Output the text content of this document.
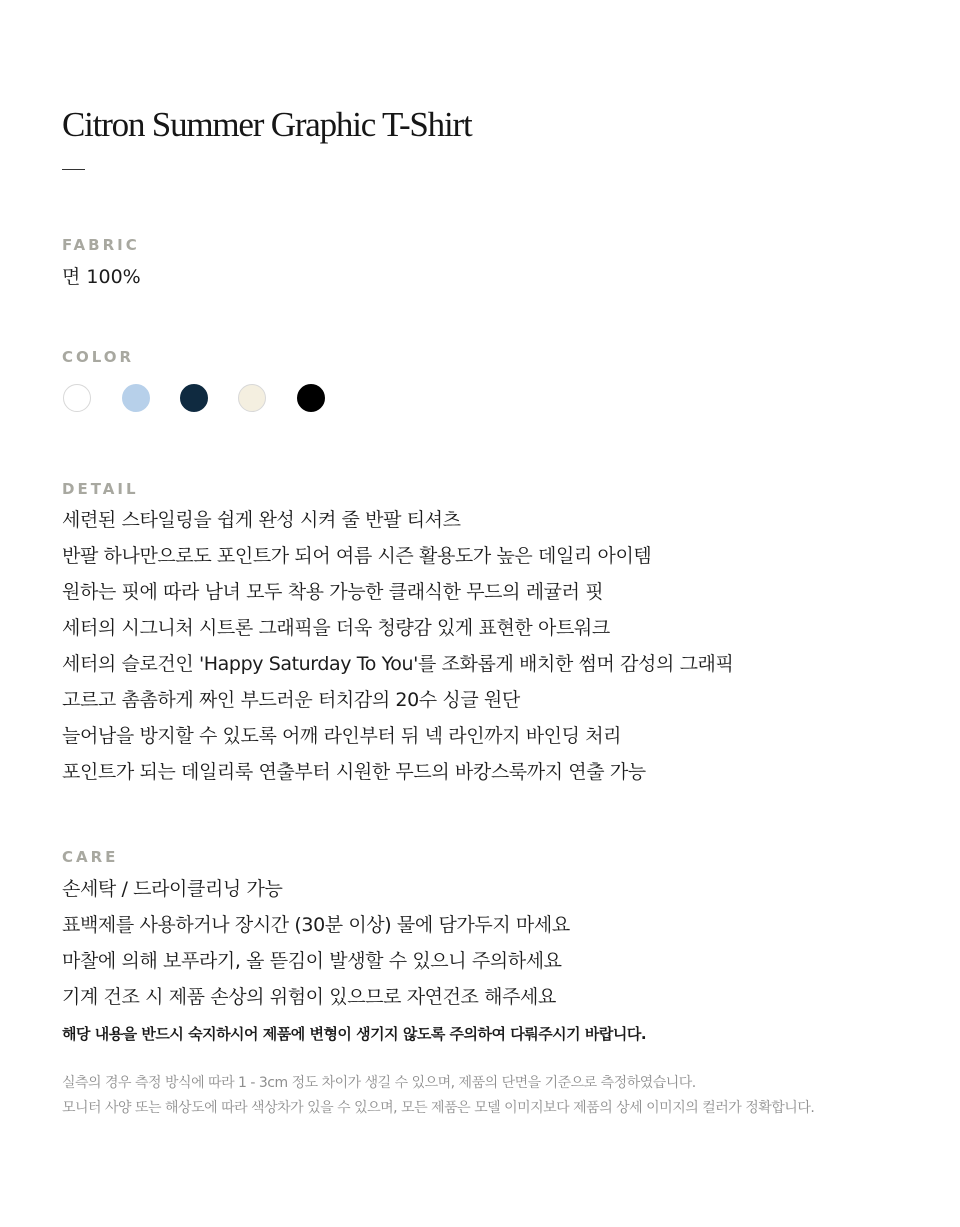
Citron Summer Graphic T-Shirt
FABRIC
면 100%
COLOR
DETAIL
세련된 스타일링을 쉽게 완성 시켜 줄 반팔 티셔츠
반팔 하나만으로도 포인트가 되어 여름 시즌 활용도가 높은 데일리 아이템
원하는 핏에 따라 남녀 모두 착용 가능한 클래식한 무드의 레귤러 핏
세터의 시그니처 시트론 그래픽을 더욱 청량감 있게 표현한 아트워크
세터의 슬로건인 'Happy Saturday To You'를 조화롭게 배치한 썸머 감성의 그래픽
고르고 촘촘하게 짜인 부드러운 터치감의 20수 싱글 원단
늘어남을 방지할 수 있도록 어깨 라인부터 뒤 넥 라인까지 바인딩 처리
포인트가 되는 데일리룩 연출부터 시원한 무드의 바캉스룩까지 연출 가능
CARE
손세탁 / 드라이클리닝 가능
표백제를 사용하거나 장시간 (30분 이상) 물에 담가두지 마세요
마찰에 의해 보푸라기, 올 뜯김이 발생할 수 있으니 주의하세요
기계 건조 시 제품 손상의 위험이 있으므로 자연건조 해주세요
해당 내용을 반드시 숙지하시어 제품에 변형이 생기지 않도록 주의하여 다뤄주시기 바랍니다.
실측의 경우 측정 방식에 따라 1 - 3cm 정도 차이가 생길 수 있으며, 제품의 단면을 기준으로 측정하였습니다.
모니터 사양 또는 해상도에 따라 색상차가 있을 수 있으며, 모든 제품은 모델 이미지보다 제품의 상세 이미지의 컬러가 정확합니다.
